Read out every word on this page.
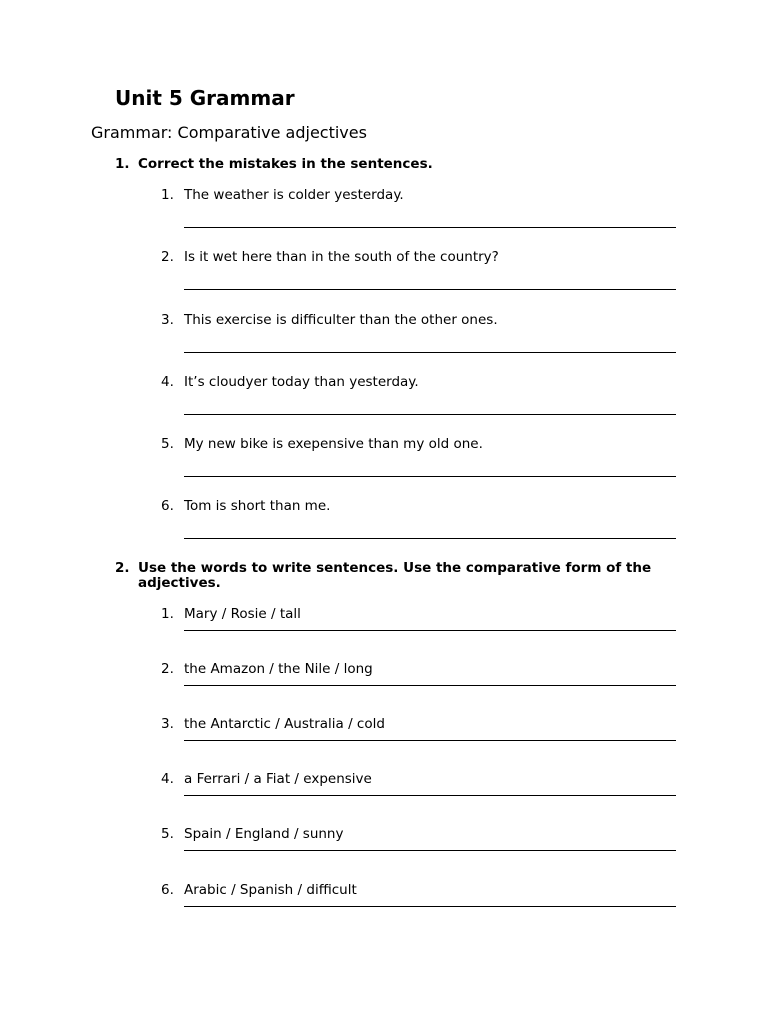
Unit 5 Grammar
Grammar: Comparative adjectives
1. Correct the mistakes in the sentences.
1. The weather is colder yesterday.
2. Is it wet here than in the south of the country?
3. This exercise is difficulter than the other ones.
4. It’s cloudyer today than yesterday.
5. My new bike is exepensive than my old one.
6. Tom is short than me.
2. Use the words to write sentences. Use the comparative form of the adjectives.
1. Mary / Rosie / tall
2. the Amazon / the Nile / long
3. the Antarctic / Australia / cold
4. a Ferrari / a Fiat / expensive
5. Spain / England / sunny
6. Arabic / Spanish / difficult
